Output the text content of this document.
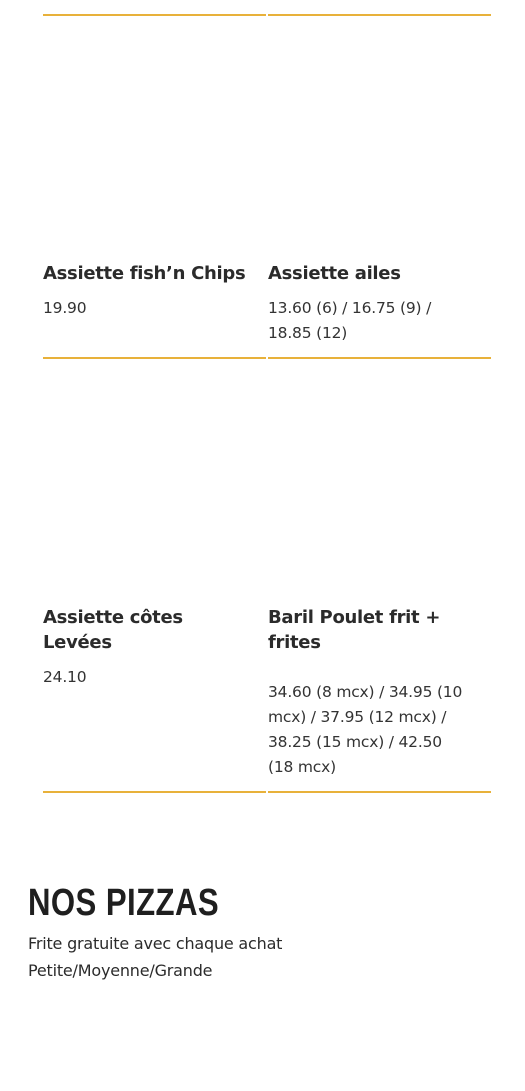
Assiette fish’n Chips
19.90
Assiette ailes
13.60 (6) / 16.75 (9) / 18.85 (12)
Assiette côtes Levées
24.10
Baril Poulet frit + frites
34.60 (8 mcx) / 34.95 (10 mcx) / 37.95 (12 mcx) / 38.25 (15 mcx) / 42.50 (18 mcx)
NOS PIZZAS
Frite gratuite avec chaque achat
Petite/Moyenne/Grande
